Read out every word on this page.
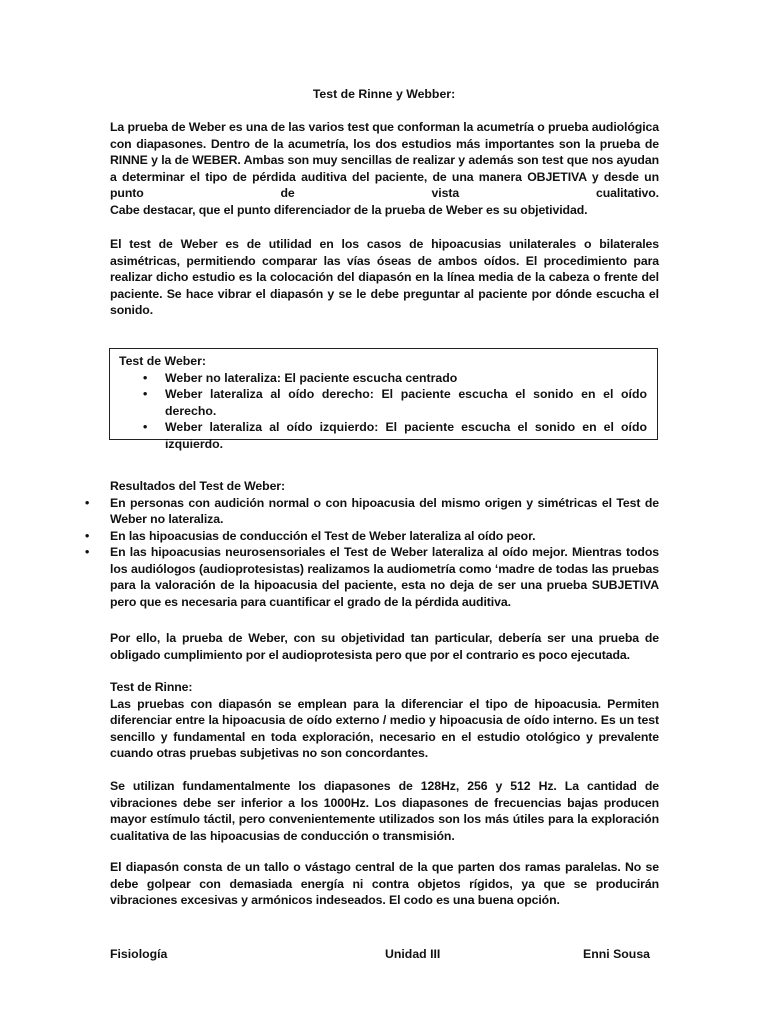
Test de Rinne y Webber:

La prueba de Weber es una de las varios test que conforman la acumetría o prueba audiológica con diapasones. Dentro de la acumetría, los dos estudios más importantes son la prueba de RINNE y la de WEBER. Ambas son muy sencillas de realizar y además son test que nos ayudan a determinar el tipo de pérdida auditiva del paciente, de una manera OBJETIVA y desde un punto de vista cualitativo.

Cabe destacar, que el punto diferenciador de la prueba de Weber es su objetividad.

El test de Weber es de utilidad en los casos de hipoacusias unilaterales o bilaterales asimétricas, permitiendo comparar las vías óseas de ambos oídos. El procedimiento para realizar dicho estudio es la colocación del diapasón en la línea media de la cabeza o frente del paciente. Se hace vibrar el diapasón y se le debe preguntar al paciente por dónde escucha el sonido.

Test de Weber:

• Weber no lateraliza: El paciente escucha centrado
• Weber lateraliza al oído derecho: El paciente escucha el sonido en el oído derecho.
• Weber lateraliza al oído izquierdo: El paciente escucha el sonido en el oído izquierdo.

Resultados del Test de Weber:

• En personas con audición normal o con hipoacusia del mismo origen y simétricas el Test de Weber no lateraliza.
• En las hipoacusias de conducción el Test de Weber lateraliza al oído peor.
• En las hipoacusias neurosensoriales el Test de Weber lateraliza al oído mejor. Mientras todos los audiólogos (audioprotesistas) realizamos la audiometría como ‘madre de todas las pruebas para la valoración de la hipoacusia del paciente, esta no deja de ser una prueba SUBJETIVA pero que es necesaria para cuantificar el grado de la pérdida auditiva.

Por ello, la prueba de Weber, con su objetividad tan particular, debería ser una prueba de obligado cumplimiento por el audioprotesista pero que por el contrario es poco ejecutada.

Test de Rinne:

Las pruebas con diapasón se emplean para la diferenciar el tipo de hipoacusia. Permiten diferenciar entre la hipoacusia de oído externo / medio y hipoacusia de oído interno. Es un test sencillo y fundamental en toda exploración, necesario en el estudio otológico y prevalente cuando otras pruebas subjetivas no son concordantes.

Se utilizan fundamentalmente los diapasones de 128Hz, 256 y 512 Hz. La cantidad de vibraciones debe ser inferior a los 1000Hz. Los diapasones de frecuencias bajas producen mayor estímulo táctil, pero convenientemente utilizados son los más útiles para la exploración cualitativa de las hipoacusias de conducción o transmisión.

El diapasón consta de un tallo o vástago central de la que parten dos ramas paralelas. No se debe golpear con demasiada energía ni contra objetos rígidos, ya que se producirán vibraciones excesivas y armónicos indeseados. El codo es una buena opción.

Fisiología	Unidad III	Enni Sousa
